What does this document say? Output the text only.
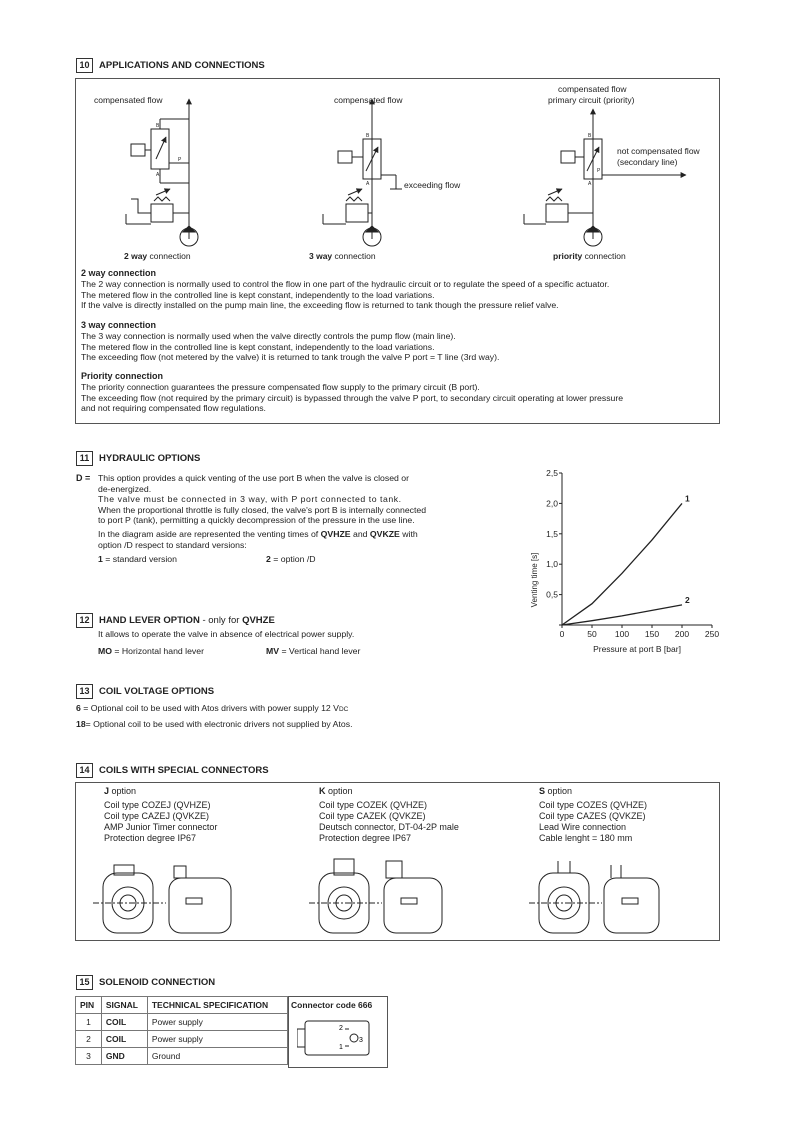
10	APPLICATIONS AND CONNECTIONS
compensated flow
B
P
A
compensated flow
B
A	exceeding flow
compensated flow
primary circuit (priority)
B
P
A
not compensated flow
(secondary line)
2 way connection	3 way connection	priority connection
2 way connection
The 2 way connection is normally used to control the flow in one part of the hydraulic circuit or to regulate the speed of a specific actuator.
The metered flow in the controlled line is kept constant, independently to the load variations.
If the valve is directly installed on the pump main line, the exceeding flow is returned to tank though the pressure relief valve.
3 way connection
The 3 way connection is normally used when the valve directly controls the pump flow (main line).
The metered flow in the controlled line is kept constant, independently to the load variations.
The exceeding flow (not metered by the valve) it is returned to tank trough the valve P port = T line (3rd way).
Priority connection
The priority connection guarantees the pressure compensated flow supply to the primary circuit (B port).
The exceeding flow (not required by the primary circuit) is bypassed through the valve P port, to secondary circuit operating at lower pressure
and not requiring compensated flow regulations.
11	HYDRAULIC OPTIONS
D = This option provides a quick venting of the use port B when the valve is closed or
de-energized.
The valve must be connected in 3 way, with P port connected to tank.
When the proportional throttle is fully closed, the valve's port B is internally connected
to port P (tank), permitting a quickly decompression of the pressure in the use line.
In the diagram aside are represented the venting times of QVHZE and QVKZE with
option /D respect to standard versions:
1 = standard version	2 = option /D
0	50 100 150 200 250
0,5
1,0
1,5
2,0
2,5
1
2
Venting time [s]
Pressure at port B [bar]
12	HAND LEVER OPTION - only for QVHZE
It allows to operate the valve in absence of electrical power supply.
MO = Horizontal hand lever	MV = Vertical hand lever
13	COIL VOLTAGE OPTIONS
6 = Optional coil to be used with Atos drivers with power supply 12 VDC
18= Optional coil to be used with electronic drivers not supplied by Atos.
14	COILS WITH SPECIAL CONNECTORS
J option
Coil type COZEJ (QVHZE)
Coil type CAZEJ (QVKZE)
AMP Junior Timer connector
Protection degree IP67
K option
Coil type COZEK (QVHZE)
Coil type CAZEK (QVKZE)
Deutsch connector, DT-04-2P male
Protection degree IP67
S option
Coil type COZES (QVHZE)
Coil type CAZES (QVKZE)
Lead Wire connection
Cable lenght = 180 mm
15	SOLENOID CONNECTION
PIN	SIGNAL	TECHNICAL SPECIFICATION
1	COIL	Power supply
2	COIL	Power supply
3	GND	Ground
Connector code 666
2
1
3
